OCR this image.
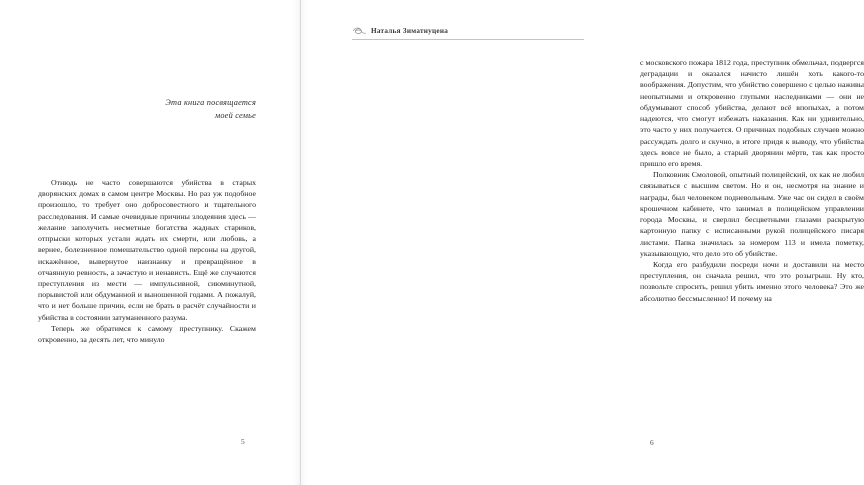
Эта книга посвящается
моей семье

Отнюдь не часто совершаются убийства в старых дворянских домах в самом центре Москвы. Но раз уж подобное произошло, то требует оно добросовестного и тщательного расследования. И самые очевидные причины злодеяния здесь — желание заполучить несметные богатства жадных стариков, отпрыски которых устали ждать их смерти, или любовь, а вернее, болезненное помешательство одной персоны на другой, искажённое, вывернутое наизнанку и превращённое в отчаянную ревность, а зачастую и ненависть. Ещё же случаются преступления из мести — импульсивной, сиюминутной, порывистой или обдуманной и выношенной годами. А пожалуй, что и нет больше причин, если не брать в расчёт случайности и убийства в состоянии затуманенного разума.

Теперь же обратимся к самому преступнику. Скажем откровенно, за десять лет, что минуло

5
Наталья Зиматнуцена

с московского пожара 1812 года, преступник обмельчал, подвергся деградации и оказался начисто лишён хоть какого-то воображения. Допустим, что убийство совершено с целью наживы неопытными и откровенно глупыми наследниками — они не обдумывают способ убийства, делают всё впопыхах, а потом надеются, что смогут избежать наказания. Как ни удивительно, это часто у них получается. О причинах подобных случаев можно рассуждать долго и скучно, в итоге придя к выводу, что убийства здесь вовсе не было, а старый дворянин мёртв, так как просто пришло его время.

Полковник Смоловой, опытный полицейский, ох как не любил связываться с высшим светом. Но и он, несмотря на знание и награды, был человеком подневольным. Уже час он сидел в своём крошечном кабинете, что занимал в полицейском управлении города Москвы, и сверлил бесцветными глазами раскрытую картонную папку с исписанными рукой полицейского писаря листами. Папка значилась за номером 113 и имела пометку, указывающую, что дело это об убийстве.

Когда его разбудили посреди ночи и доставили на место преступления, он сначала решил, что это розыгрыш. Ну кто, позвольте спросить, решил убить именно этого человека? Это же абсолютно бессмысленно! И почему на

6
